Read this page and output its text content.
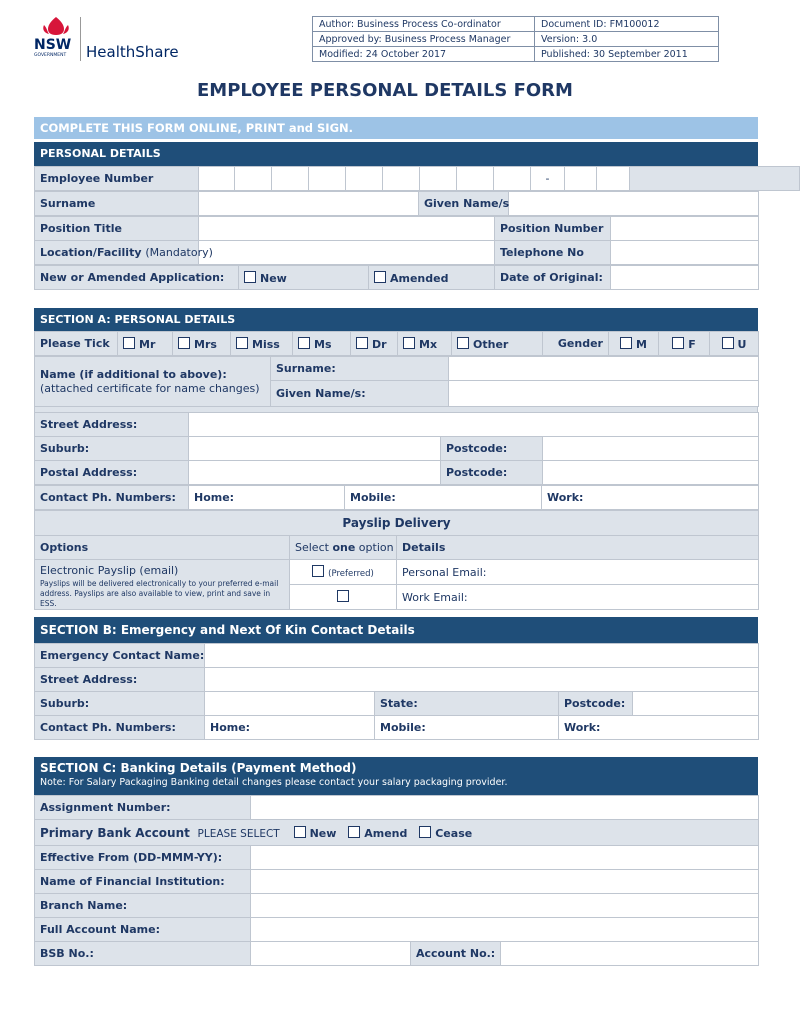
NSW
GOVERNMENT HealthShare
Author: Business Process Co-ordinator	Document ID: FM100012
Approved by: Business Process Manager	Version: 3.0
Modified: 24 October 2017	Published: 30 September 2011
EMPLOYEE PERSONAL DETAILS FORM
COMPLETE THIS FORM ONLINE, PRINT and SIGN.
PERSONAL DETAILS
Employee Number										-			
Surname		Given Name/s	
Position Title		Position Number	
Location/Facility (Mandatory)		Telephone No	
New or Amended Application:	New	Amended	Date of Original:	
SECTION A: PERSONAL DETAILS
Please Tick	Mr	Mrs	Miss	Ms	Dr	Mx	Other	Gender	M	F	U
Name (if additional to above):
(attached certificate for name changes)	Surname:	
	Given Name/s:	
Street Address:			
Suburb:		Postcode:	
Postal Address:		Postcode:	
Contact Ph. Numbers:	Home:	Mobile:	Work:
Payslip Delivery		
Options	Select one option	Details

Electronic Payslip (email)
Payslips will be delivered electronically to your preferred e-mail address. Payslips are also available to view, print and save in ESS.	(Preferred)	Personal Email:
		Work Email:
SECTION B: Emergency and Next Of Kin Contact Details
Emergency Contact Name:				
Street Address:				
Suburb:		State:	Postcode:	
Contact Ph. Numbers:	Home:	Mobile:	Work:	
SECTION C: Banking Details (Payment Method)
Note: For Salary Packaging Banking detail changes please contact your salary packaging provider.
Assignment Number:			
Primary Bank Account PLEASE SELECT New Amend Cease			
Effective From (DD-MMM-YY):			
Name of Financial Institution:			
Branch Name:			
Full Account Name:			
BSB No.:		Account No.:	
